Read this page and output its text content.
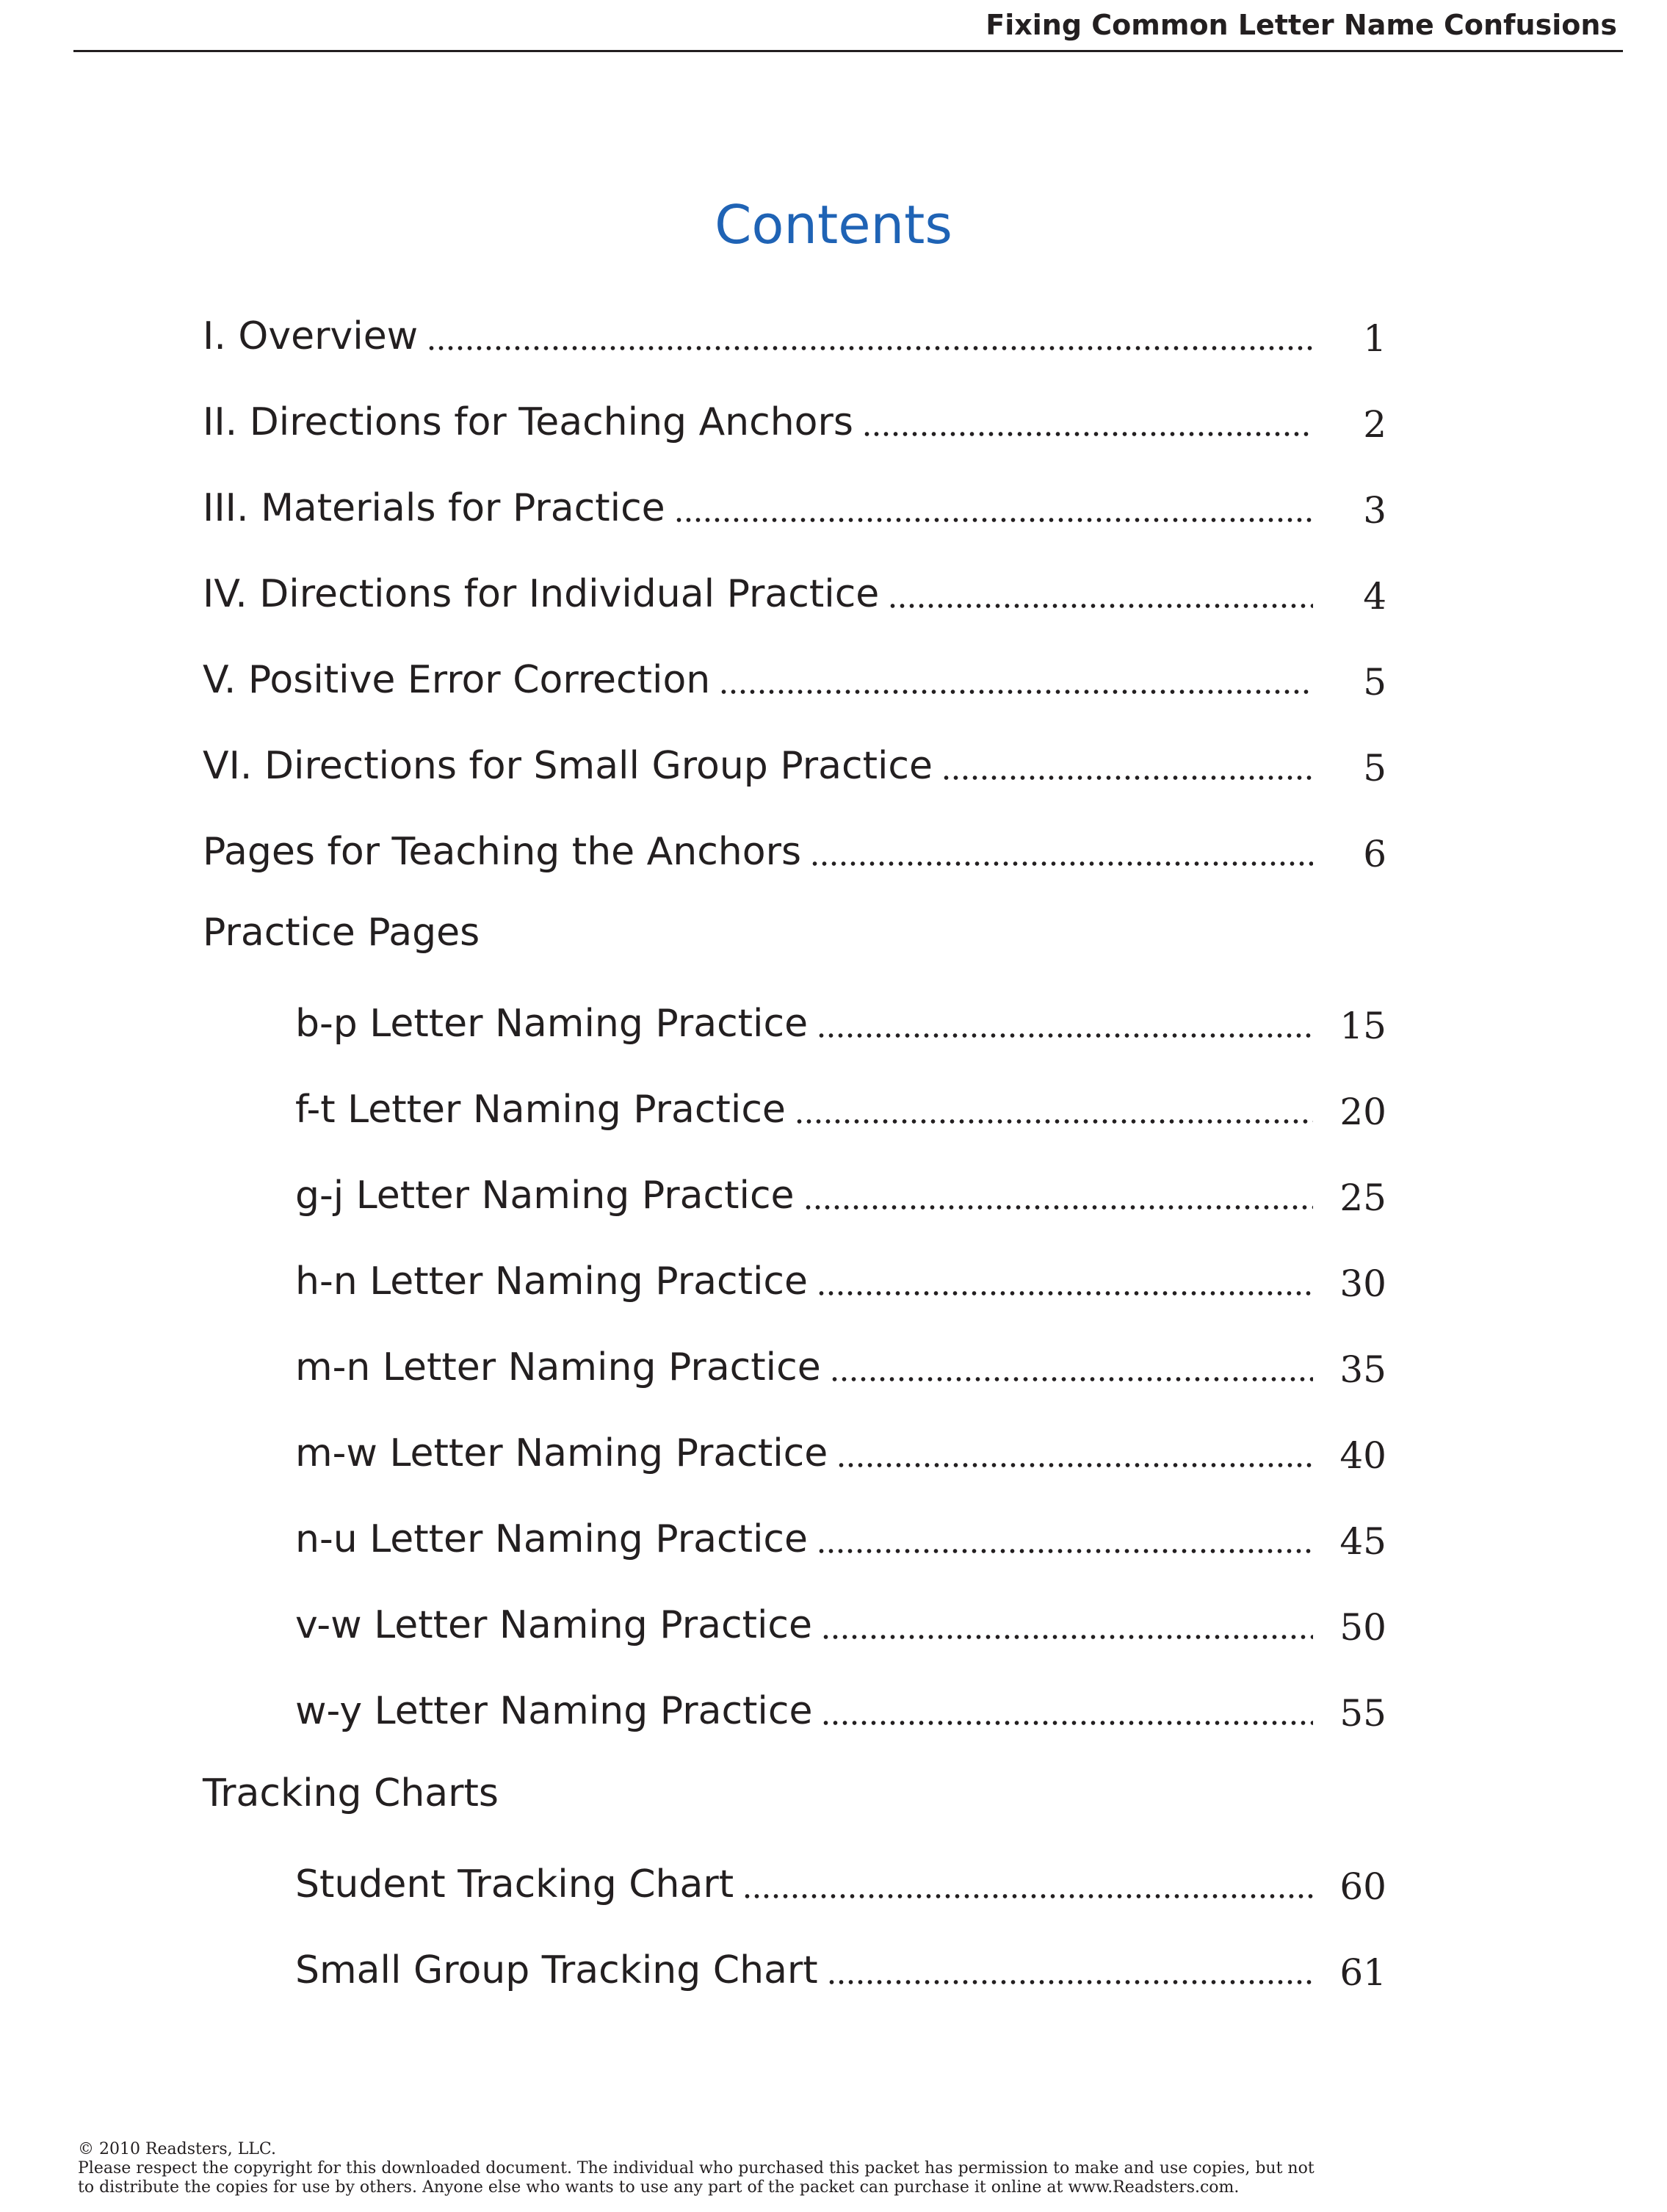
Fixing Common Letter Name Confusions
Contents
I. Overview	1
II. Directions for Teaching Anchors	2
III. Materials for Practice	3
IV. Directions for Individual Practice	4
V. Positive Error Correction	5
VI. Directions for Small Group Practice	5
Pages for Teaching the Anchors	6
Practice Pages
b-p Letter Naming Practice	15
f-t Letter Naming Practice	20
g-j Letter Naming Practice	25
h-n Letter Naming Practice	30
m-n Letter Naming Practice	35
m-w Letter Naming Practice	40
n-u Letter Naming Practice	45
v-w Letter Naming Practice	50
w-y Letter Naming Practice	55
Tracking Charts
Student Tracking Chart	60
Small Group Tracking Chart	61
© 2010 Readsters, LLC.
Please respect the copyright for this downloaded document. The individual who purchased this packet has permission to make and use copies, but not
to distribute the copies for use by others. Anyone else who wants to use any part of the packet can purchase it online at www.Readsters.com.
